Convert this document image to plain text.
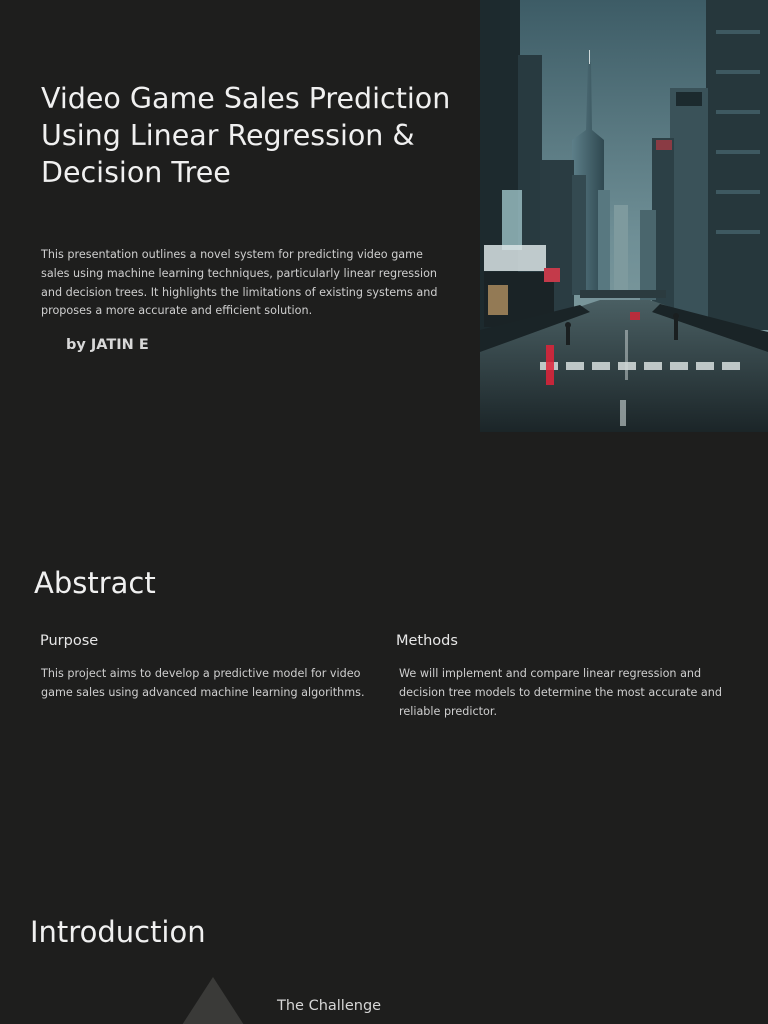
Video Game Sales Prediction Using Linear Regression & Decision Tree

This presentation outlines a novel system for predicting video game sales using machine learning techniques, particularly linear regression and decision trees. It highlights the limitations of existing systems and proposes a more accurate and efficient solution.

by JATIN E

Abstract
Purpose

This project aims to develop a predictive model for video game sales using advanced machine learning algorithms.

Methods

We will implement and compare linear regression and decision tree models to determine the most accurate and reliable predictor.

Introduction
The Challenge
